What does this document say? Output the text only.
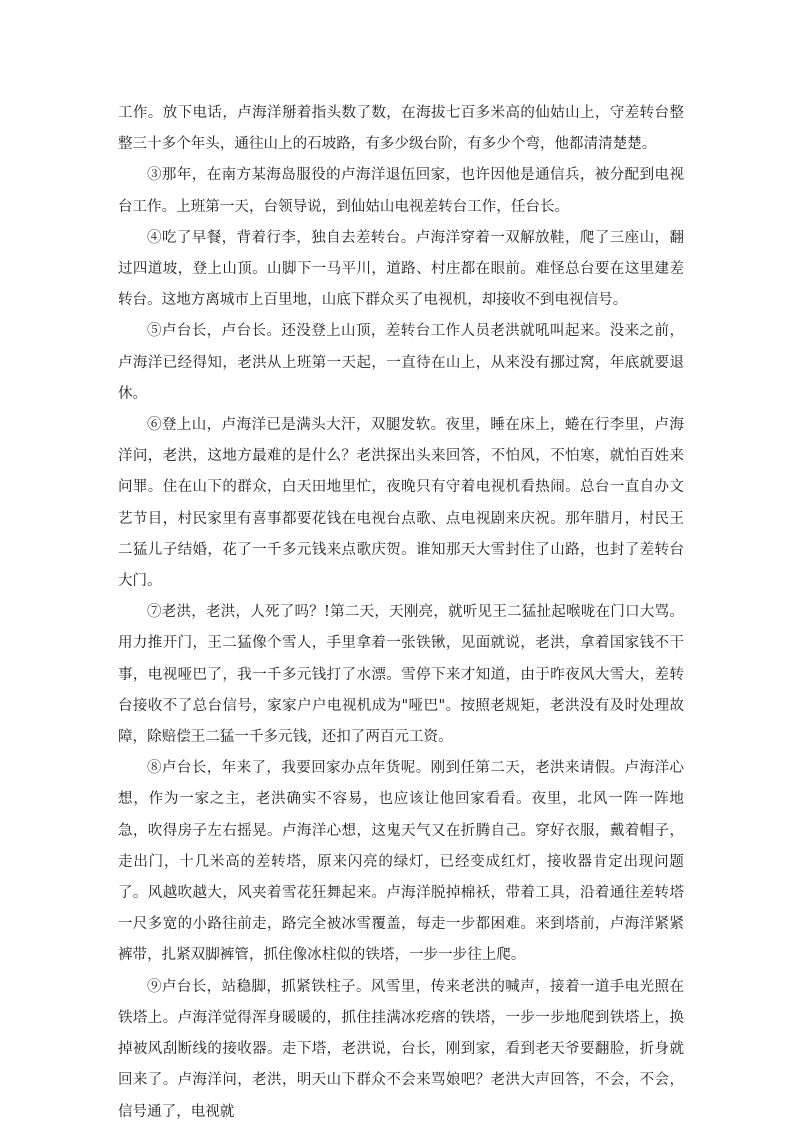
工作。放下电话，卢海洋掰着指头数了数，在海拔七百多米高的仙姑山上，守差转台整整三十多个年头，通往山上的石坡路，有多少级台阶，有多少个弯，他都清清楚楚。

③那年，在南方某海岛服役的卢海洋退伍回家，也许因他是通信兵，被分配到电视台工作。上班第一天，台领导说，到仙姑山电视差转台工作，任台长。

④吃了早餐，背着行李，独自去差转台。卢海洋穿着一双解放鞋，爬了三座山，翻过四道坡，登上山顶。山脚下一马平川，道路、村庄都在眼前。难怪总台要在这里建差转台。这地方离城市上百里地，山底下群众买了电视机，却接收不到电视信号。

⑤卢台长，卢台长。还没登上山顶，差转台工作人员老洪就吼叫起来。没来之前，卢海洋已经得知，老洪从上班第一天起，一直待在山上，从来没有挪过窝，年底就要退休。

⑥登上山，卢海洋已是满头大汗，双腿发软。夜里，睡在床上，蜷在行李里，卢海洋问，老洪，这地方最难的是什么？老洪探出头来回答，不怕风，不怕寒，就怕百姓来问罪。住在山下的群众，白天田地里忙，夜晚只有守着电视机看热闹。总台一直自办文艺节目，村民家里有喜事都要花钱在电视台点歌、点电视剧来庆祝。那年腊月，村民王二猛儿子结婚，花了一千多元钱来点歌庆贺。谁知那天大雪封住了山路，也封了差转台大门。

⑦老洪，老洪，人死了吗？!第二天，天刚亮，就听见王二猛扯起喉咙在门口大骂。用力推开门，王二猛像个雪人，手里拿着一张铁锹，见面就说，老洪，拿着国家钱不干事，电视哑巴了，我一千多元钱打了水漂。雪停下来才知道，由于昨夜风大雪大，差转台接收不了总台信号，家家户户电视机成为"哑巴"。按照老规矩，老洪没有及时处理故障，除赔偿王二猛一千多元钱，还扣了两百元工资。

⑧卢台长，年来了，我要回家办点年货呢。刚到任第二天，老洪来请假。卢海洋心想，作为一家之主，老洪确实不容易，也应该让他回家看看。夜里，北风一阵一阵地急，吹得房子左右摇晃。卢海洋心想，这鬼天气又在折腾自己。穿好衣服，戴着帽子，走出门，十几米高的差转塔，原来闪亮的绿灯，已经变成红灯，接收器肯定出现问题了。风越吹越大，风夹着雪花狂舞起来。卢海洋脱掉棉袄，带着工具，沿着通往差转塔一尺多宽的小路往前走，路完全被冰雪覆盖，每走一步都困难。来到塔前，卢海洋紧紧裤带，扎紧双脚裤管，抓住像冰柱似的铁塔，一步一步往上爬。

⑨卢台长，站稳脚，抓紧铁柱子。风雪里，传来老洪的喊声，接着一道手电光照在铁塔上。卢海洋觉得浑身暖暖的，抓住挂满冰疙瘩的铁塔，一步一步地爬到铁塔上，换掉被风刮断线的接收器。走下塔，老洪说，台长，刚到家，看到老天爷要翻脸，折身就回来了。卢海洋问，老洪，明天山下群众不会来骂娘吧？老洪大声回答，不会，不会，信号通了，电视就
